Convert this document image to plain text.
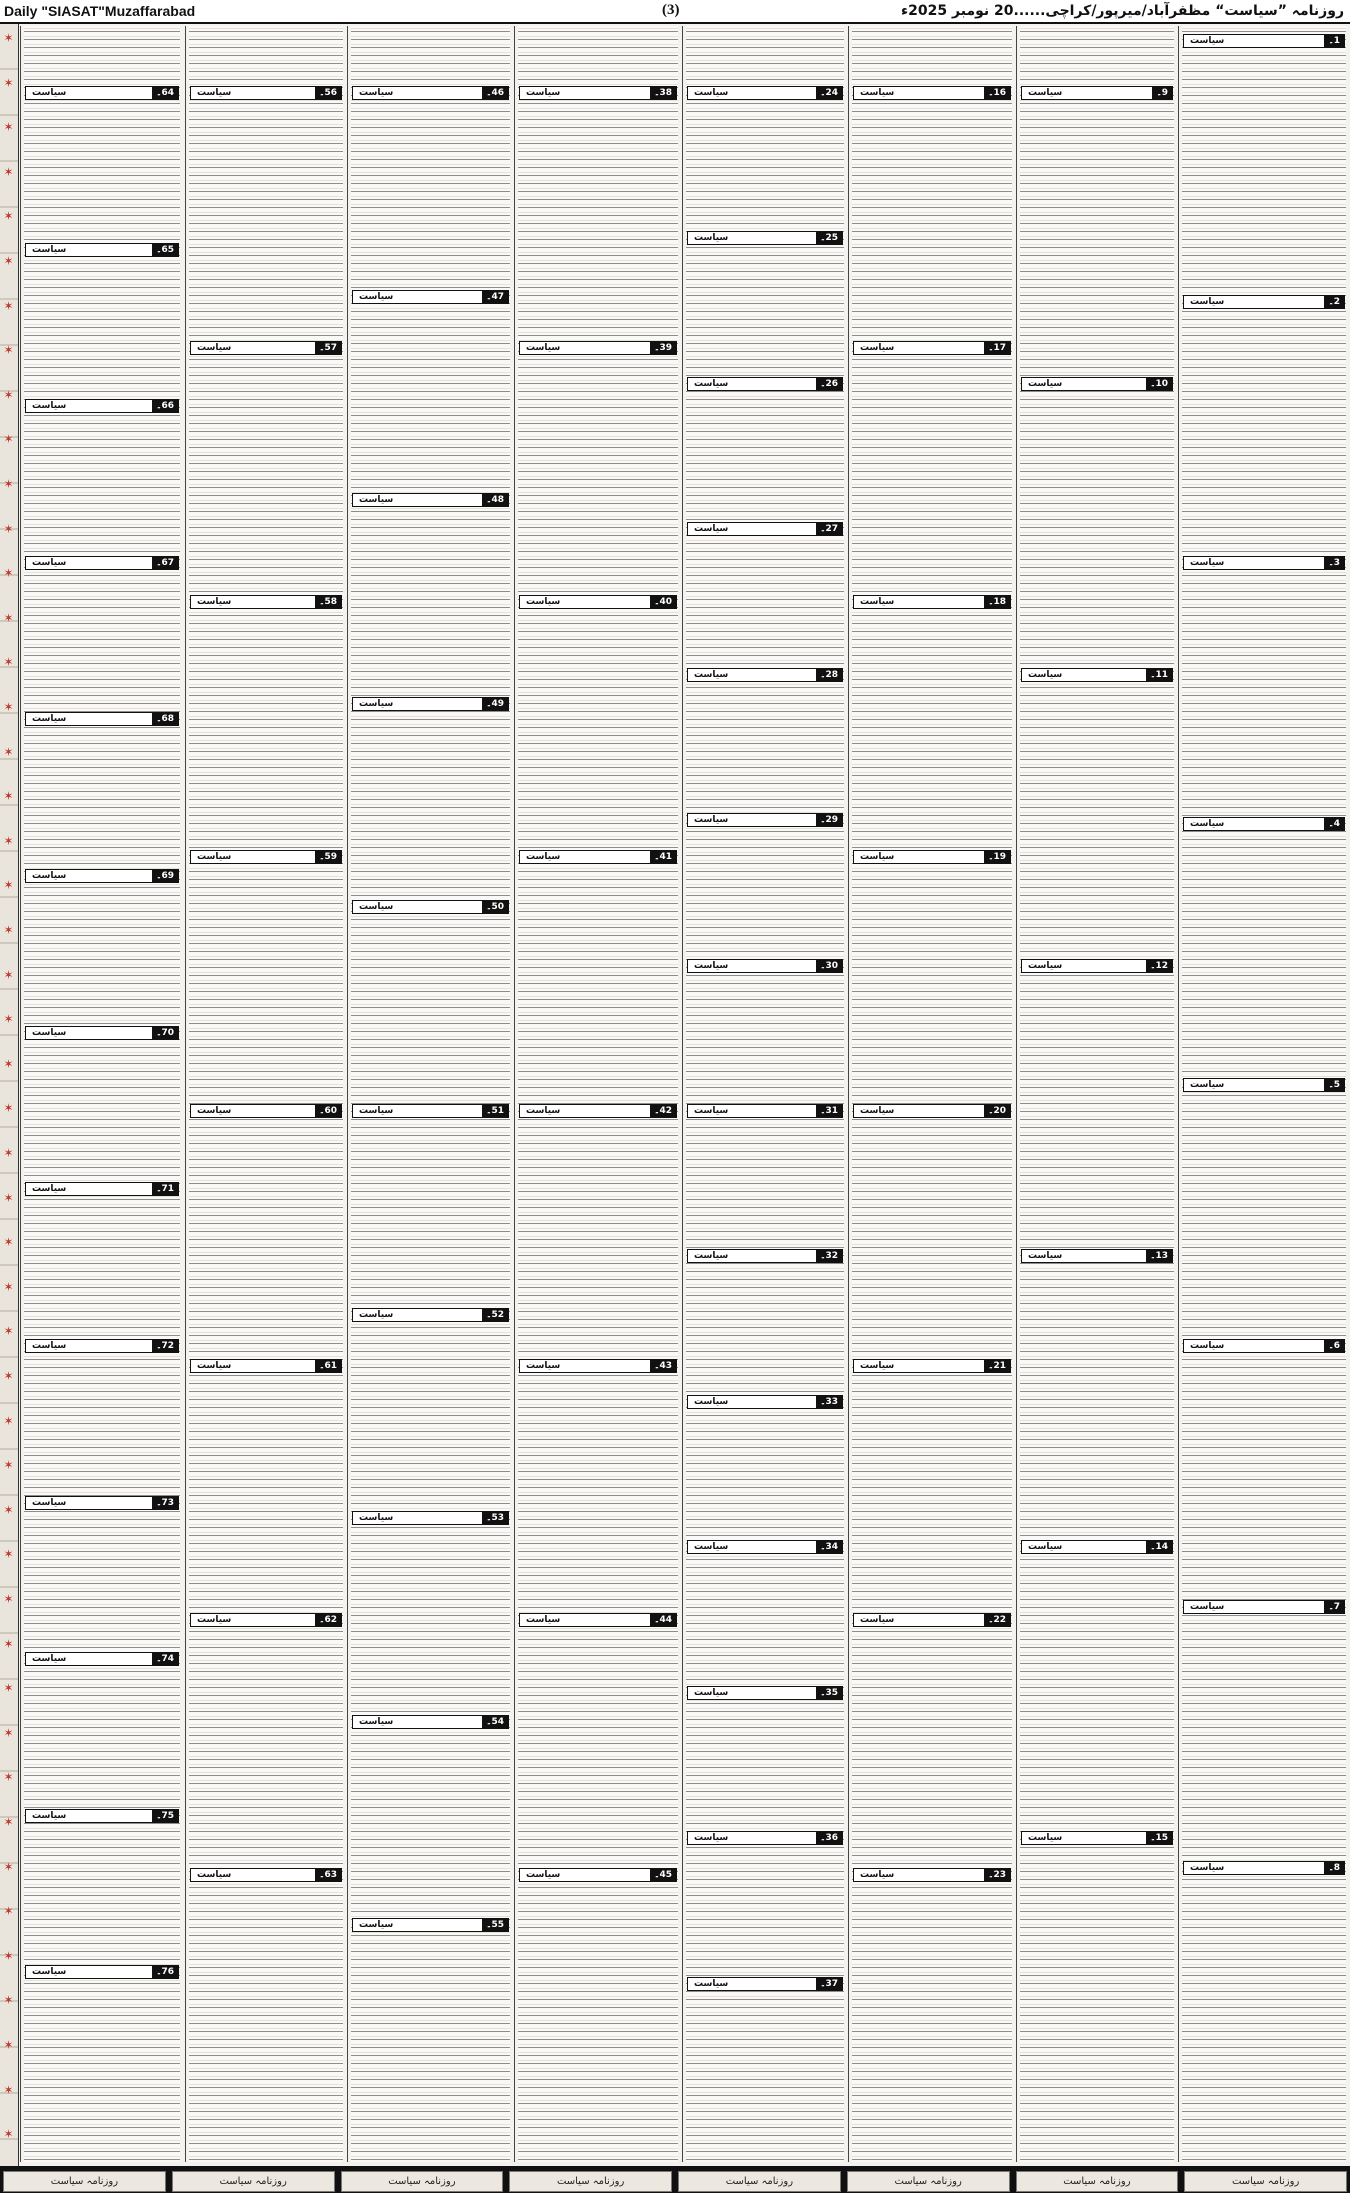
Daily "SIASAT"Muzaffarabad	(3)	روزنامہ ”سیاست“ مظفرآباد/میرپور/کراچی......20 نومبر 2025ء
✶
✶
✶
✶
✶
✶
✶
✶
✶
✶
✶
✶
✶
✶
✶
✶
✶
✶
✶
✶
✶
✶
✶
✶
✶
✶
✶
✶
✶
✶
✶
✶
✶
✶
✶
✶
✶
✶
✶
✶
✶
✶
✶
✶
✶
✶
✶
✶
64۔
سیاست
65۔
سیاست
66۔
سیاست
67۔
سیاست
68۔
سیاست
69۔
سیاست
70۔
سیاست
71۔
سیاست
72۔
سیاست
73۔
سیاست
74۔
سیاست
75۔
سیاست
76۔
سیاست
56۔
سیاست
57۔
سیاست
58۔
سیاست
59۔
سیاست
60۔
سیاست
61۔
سیاست
62۔
سیاست
63۔
سیاست
46۔
سیاست
47۔
سیاست
48۔
سیاست
49۔
سیاست
50۔
سیاست
51۔
سیاست
52۔
سیاست
53۔
سیاست
54۔
سیاست
55۔
سیاست
38۔
سیاست
39۔
سیاست
40۔
سیاست
41۔
سیاست
42۔
سیاست
43۔
سیاست
44۔
سیاست
45۔
سیاست
24۔
سیاست
25۔
سیاست
26۔
سیاست
27۔
سیاست
28۔
سیاست
29۔
سیاست
30۔
سیاست
31۔
سیاست
32۔
سیاست
33۔
سیاست
34۔
سیاست
35۔
سیاست
36۔
سیاست
37۔
سیاست
16۔
سیاست
17۔
سیاست
18۔
سیاست
19۔
سیاست
20۔
سیاست
21۔
سیاست
22۔
سیاست
23۔
سیاست
9۔
سیاست
10۔
سیاست
11۔
سیاست
12۔
سیاست
13۔
سیاست
14۔
سیاست
15۔
سیاست
1۔
سیاست
2۔
سیاست
3۔
سیاست
4۔
سیاست
5۔
سیاست
6۔
سیاست
7۔
سیاست
8۔
سیاست
روزنامہ سیاست	روزنامہ سیاست	روزنامہ سیاست	روزنامہ سیاست	روزنامہ سیاست	روزنامہ سیاست	روزنامہ سیاست	روزنامہ سیاست
